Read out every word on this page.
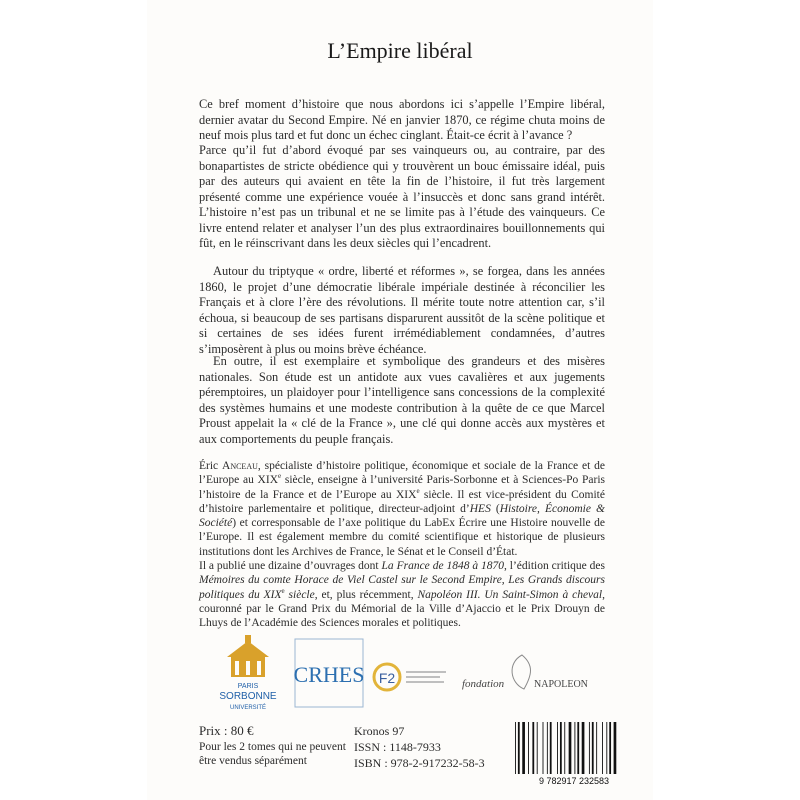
L’Empire libéral

Ce bref moment d’histoire que nous abordons ici s’appelle l’Empire libéral, dernier avatar du Second Empire. Né en janvier 1870, ce régime chuta moins de neuf mois plus tard et fut donc un échec cinglant. Était-ce écrit à l’avance ?

Parce qu’il fut d’abord évoqué par ses vainqueurs ou, au contraire, par des bonapartistes de stricte obédience qui y trouvèrent un bouc émissaire idéal, puis par des auteurs qui avaient en tête la fin de l’histoire, il fut très largement présenté comme une expérience vouée à l’insuccès et donc sans grand intérêt. L’histoire n’est pas un tribunal et ne se limite pas à l’étude des vainqueurs. Ce livre entend relater et analyser l’un des plus extraordinaires bouillonnements qui fût, en le réinscrivant dans les deux siècles qui l’encadrent.

Autour du triptyque « ordre, liberté et réformes », se forgea, dans les années 1860, le projet d’une démocratie libérale impériale destinée à réconcilier les Français et à clore l’ère des révolutions. Il mérite toute notre attention car, s’il échoua, si beaucoup de ses partisans disparurent aussitôt de la scène politique et si certaines de ses idées furent irrémédiablement condamnées, d’autres s’imposèrent à plus ou moins brève échéance.

En outre, il est exemplaire et symbolique des grandeurs et des misères nationales. Son étude est un antidote aux vues cavalières et aux jugements péremptoires, un plaidoyer pour l’intelligence sans concessions de la complexité des systèmes humains et une modeste contribution à la quête de ce que Marcel Proust appelait la « clé de la France », une clé qui donne accès aux mystères et aux comportements du peuple français.

Éric Anceau, spécialiste d’histoire politique, économique et sociale de la France et de l’Europe au XIXe siècle, enseigne à l’université Paris-Sorbonne et à Sciences-Po Paris l’histoire de la France et de l’Europe au XIXe siècle. Il est vice-président du Comité d’histoire parlementaire et politique, directeur-adjoint d’HES (Histoire, Économie & Société) et corresponsable de l’axe politique du LabEx Écrire une Histoire nouvelle de l’Europe. Il est également membre du comité scientifique et historique de plusieurs institutions dont les Archives de France, le Sénat et le Conseil d’État.

Il a publié une dizaine d’ouvrages dont La France de 1848 à 1870, l’édition critique des Mémoires du comte Horace de Viel Castel sur le Second Empire, Les Grands discours politiques du XIXe siècle, et, plus récemment, Napoléon III. Un Saint-Simon à cheval, couronné par le Grand Prix du Mémorial de la Ville d’Ajaccio et le Prix Drouyn de Lhuys de l’Académie des Sciences morales et politiques.

PARIS
SORBONNE
UNIVERSITÉ
CRHES F2	fondation	NAPOLEON
Prix : 80 €
Pour les 2 tomes qui ne peuvent être vendus séparément
Kronos 97
ISSN : 1148-7933
ISBN : 978-2-917232-58-3
9 782917 232583
